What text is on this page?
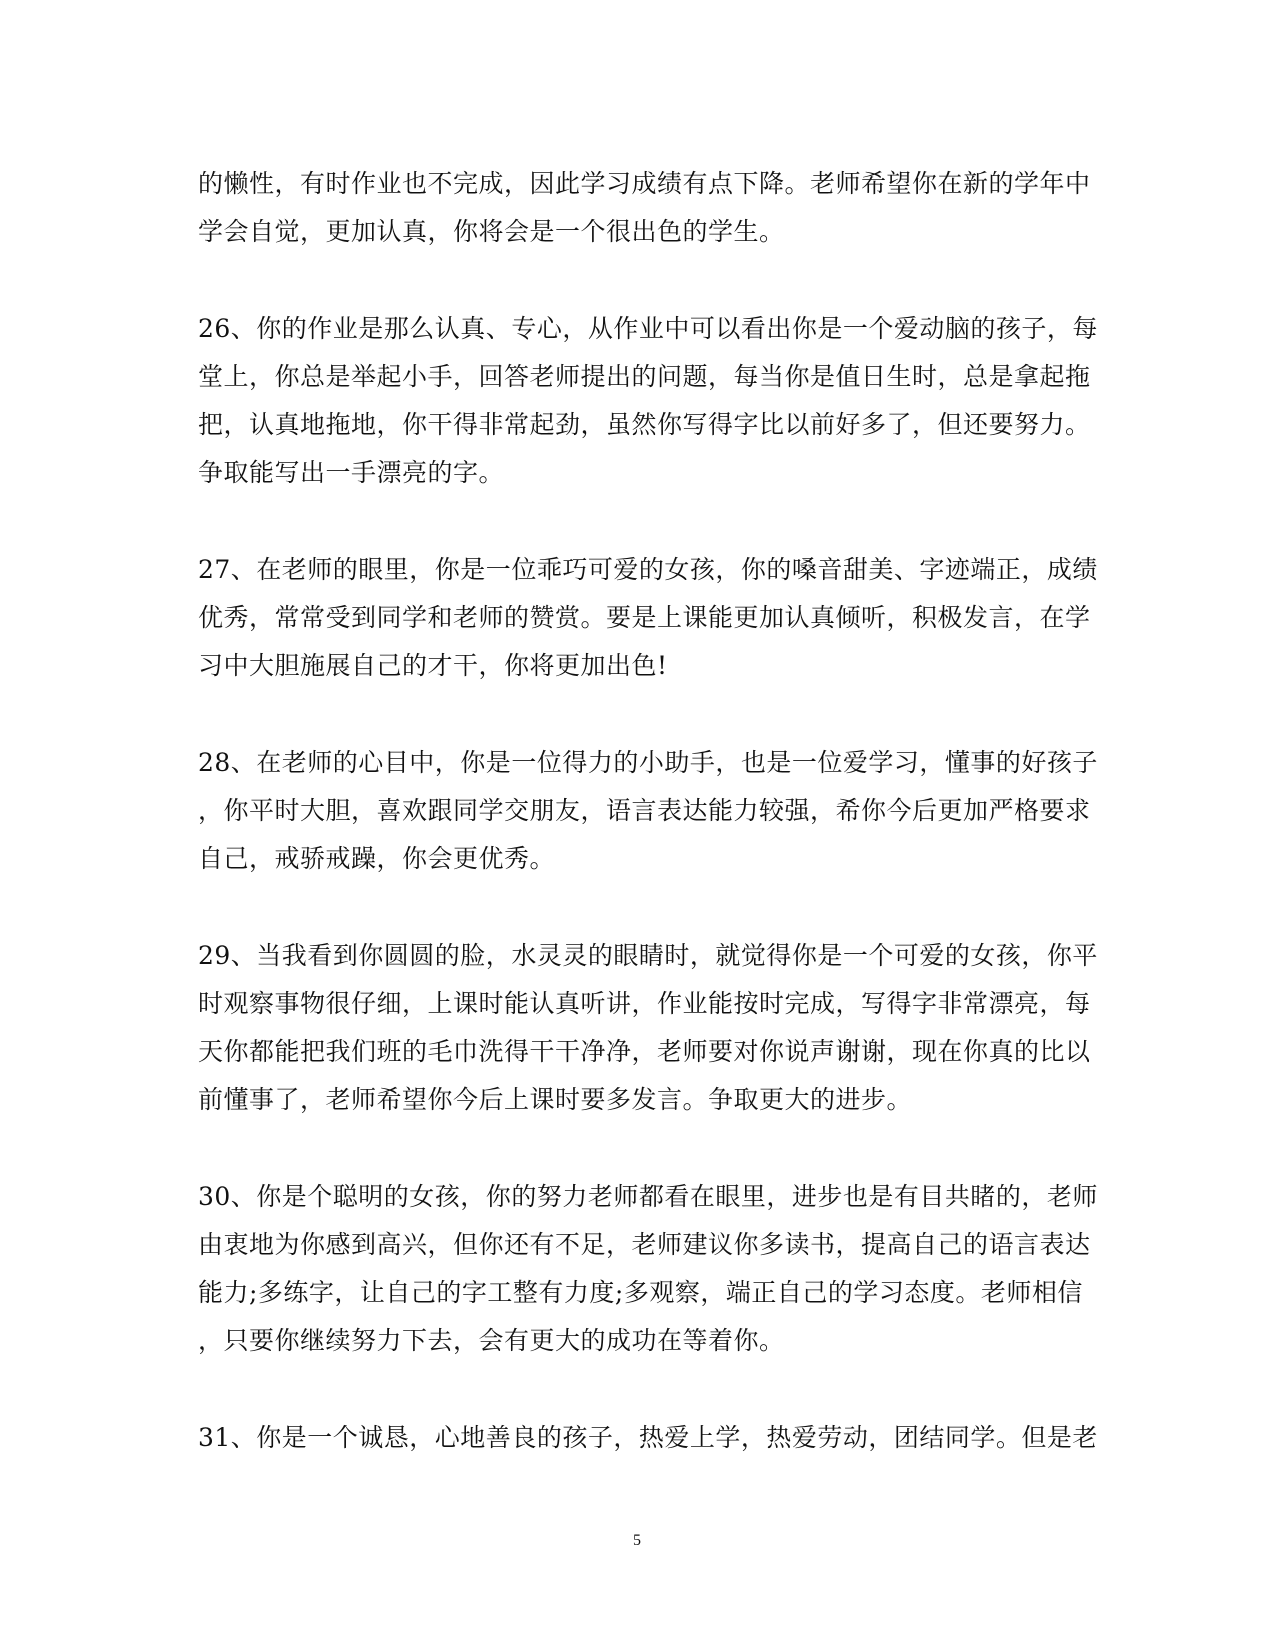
的懒性，有时作业也不完成，因此学习成绩有点下降。老师希望你在新的学年中
学会自觉，更加认真，你将会是一个很出色的学生。
26、你的作业是那么认真、专心，从作业中可以看出你是一个爱动脑的孩子，每
堂上，你总是举起小手，回答老师提出的问题，每当你是值日生时，总是拿起拖
把，认真地拖地，你干得非常起劲，虽然你写得字比以前好多了，但还要努力。
争取能写出一手漂亮的字。
27、在老师的眼里，你是一位乖巧可爱的女孩，你的嗓音甜美、字迹端正，成绩
优秀，常常受到同学和老师的赞赏。要是上课能更加认真倾听，积极发言，在学
习中大胆施展自己的才干，你将更加出色!
28、在老师的心目中，你是一位得力的小助手，也是一位爱学习，懂事的好孩子
，你平时大胆，喜欢跟同学交朋友，语言表达能力较强，希你今后更加严格要求
自己，戒骄戒躁，你会更优秀。
29、当我看到你圆圆的脸，水灵灵的眼睛时，就觉得你是一个可爱的女孩，你平
时观察事物很仔细，上课时能认真听讲，作业能按时完成，写得字非常漂亮，每
天你都能把我们班的毛巾洗得干干净净，老师要对你说声谢谢，现在你真的比以
前懂事了，老师希望你今后上课时要多发言。争取更大的进步。
30、你是个聪明的女孩，你的努力老师都看在眼里，进步也是有目共睹的，老师
由衷地为你感到高兴，但你还有不足，老师建议你多读书，提高自己的语言表达
能力;多练字，让自己的字工整有力度;多观察，端正自己的学习态度。老师相信
，只要你继续努力下去，会有更大的成功在等着你。
31、你是一个诚恳，心地善良的孩子，热爱上学，热爱劳动，团结同学。但是老
5
